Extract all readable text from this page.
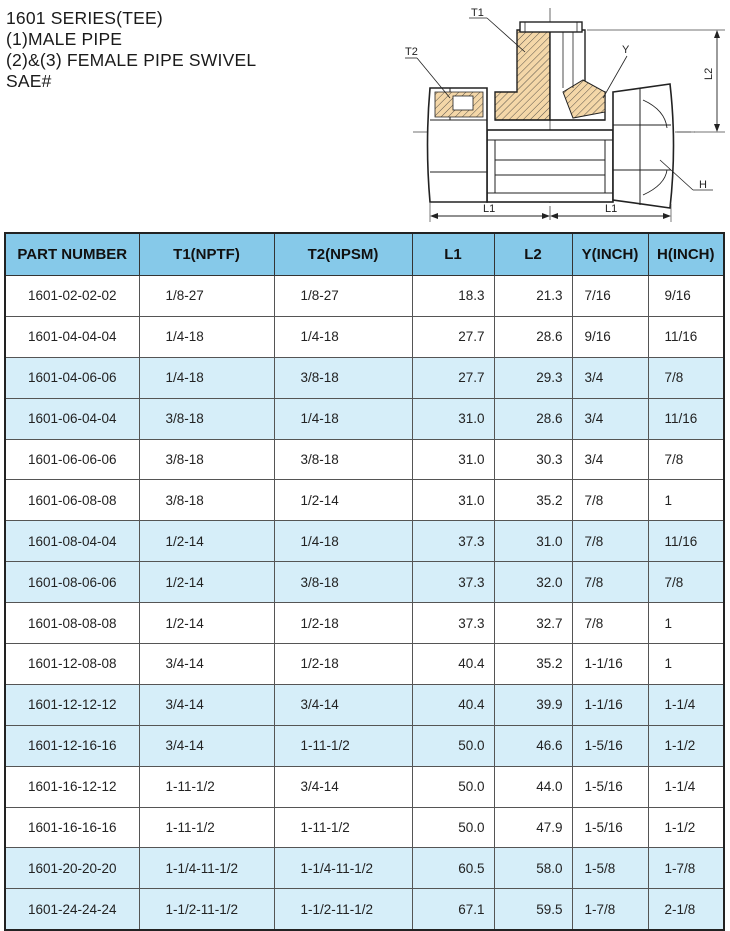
1601 SERIES(TEE)
(1)MALE PIPE
(2)&(3) FEMALE PIPE SWIVEL
SAE#
T1
T2	Y
L2
H
L1	L1
PART NUMBER	T1(NPTF)	T2(NPSM)	L1	L2	Y(INCH)	H(INCH)
1601-02-02-02	1/8-27	1/8-27	18.3	21.3	7/16	9/16
1601-04-04-04	1/4-18	1/4-18	27.7	28.6	9/16	11/16
1601-04-06-06	1/4-18	3/8-18	27.7	29.3	3/4	7/8
1601-06-04-04	3/8-18	1/4-18	31.0	28.6	3/4	11/16
1601-06-06-06	3/8-18	3/8-18	31.0	30.3	3/4	7/8
1601-06-08-08	3/8-18	1/2-14	31.0	35.2	7/8	1
1601-08-04-04	1/2-14	1/4-18	37.3	31.0	7/8	11/16
1601-08-06-06	1/2-14	3/8-18	37.3	32.0	7/8	7/8
1601-08-08-08	1/2-14	1/2-18	37.3	32.7	7/8	1
1601-12-08-08	3/4-14	1/2-18	40.4	35.2	1-1/16	1
1601-12-12-12	3/4-14	3/4-14	40.4	39.9	1-1/16	1-1/4
1601-12-16-16	3/4-14	1-11-1/2	50.0	46.6	1-5/16	1-1/2
1601-16-12-12	1-11-1/2	3/4-14	50.0	44.0	1-5/16	1-1/4
1601-16-16-16	1-11-1/2	1-11-1/2	50.0	47.9	1-5/16	1-1/2
1601-20-20-20	1-1/4-11-1/2	1-1/4-11-1/2	60.5	58.0	1-5/8	1-7/8
1601-24-24-24	1-1/2-11-1/2	1-1/2-11-1/2	67.1	59.5	1-7/8	2-1/8
